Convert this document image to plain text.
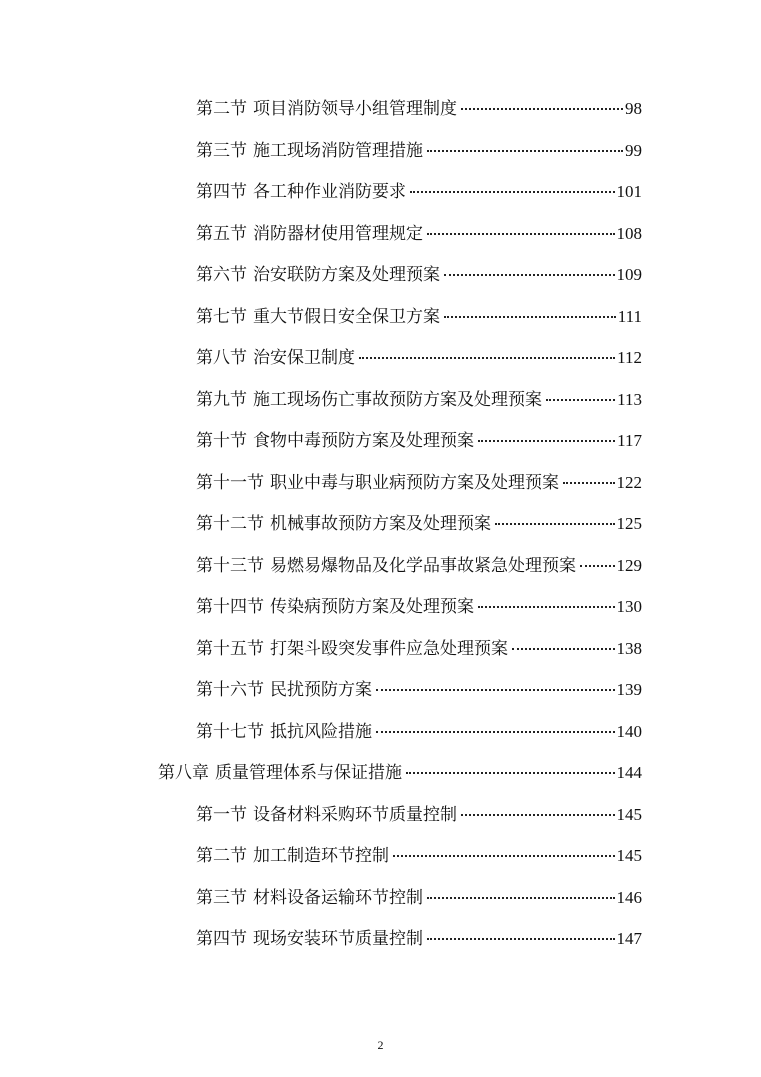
第二节 项目消防领导小组管理制度	98
第三节 施工现场消防管理措施	99
第四节 各工种作业消防要求	101
第五节 消防器材使用管理规定	108
第六节 治安联防方案及处理预案	109
第七节 重大节假日安全保卫方案	111
第八节 治安保卫制度	112
第九节 施工现场伤亡事故预防方案及处理预案	113
第十节 食物中毒预防方案及处理预案	117
第十一节 职业中毒与职业病预防方案及处理预案	122
第十二节 机械事故预防方案及处理预案	125
第十三节 易燃易爆物品及化学品事故紧急处理预案 129
第十四节 传染病预防方案及处理预案	130
第十五节 打架斗殴突发事件应急处理预案	138
第十六节 民扰预防方案	139
第十七节 抵抗风险措施	140
第八章 质量管理体系与保证措施	144
第一节 设备材料采购环节质量控制	145
第二节 加工制造环节控制	145
第三节 材料设备运输环节控制	146
第四节 现场安装环节质量控制	147
2
